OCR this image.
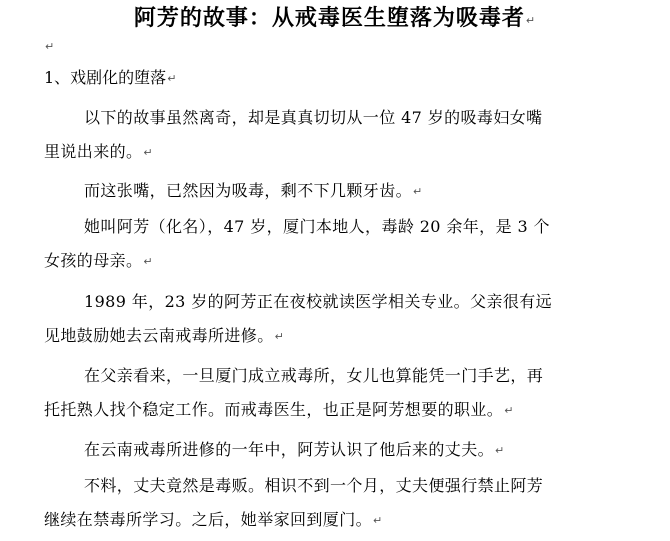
阿芳的故事：从戒毒医生堕落为吸毒者↵
↵
1、戏剧化的堕落↵
以下的故事虽然离奇，却是真真切切从一位 47 岁的吸毒妇女嘴
里说出来的。↵
而这张嘴，已然因为吸毒，剩不下几颗牙齿。↵
她叫阿芳（化名），47 岁，厦门本地人，毒龄 20 余年，是 3 个
女孩的母亲。↵
1989 年，23 岁的阿芳正在夜校就读医学相关专业。父亲很有远
见地鼓励她去云南戒毒所进修。↵
在父亲看来，一旦厦门成立戒毒所，女儿也算能凭一门手艺，再
托托熟人找个稳定工作。而戒毒医生，也正是阿芳想要的职业。↵
在云南戒毒所进修的一年中，阿芳认识了他后来的丈夫。↵
不料，丈夫竟然是毒贩。相识不到一个月，丈夫便强行禁止阿芳
继续在禁毒所学习。之后，她举家回到厦门。↵
